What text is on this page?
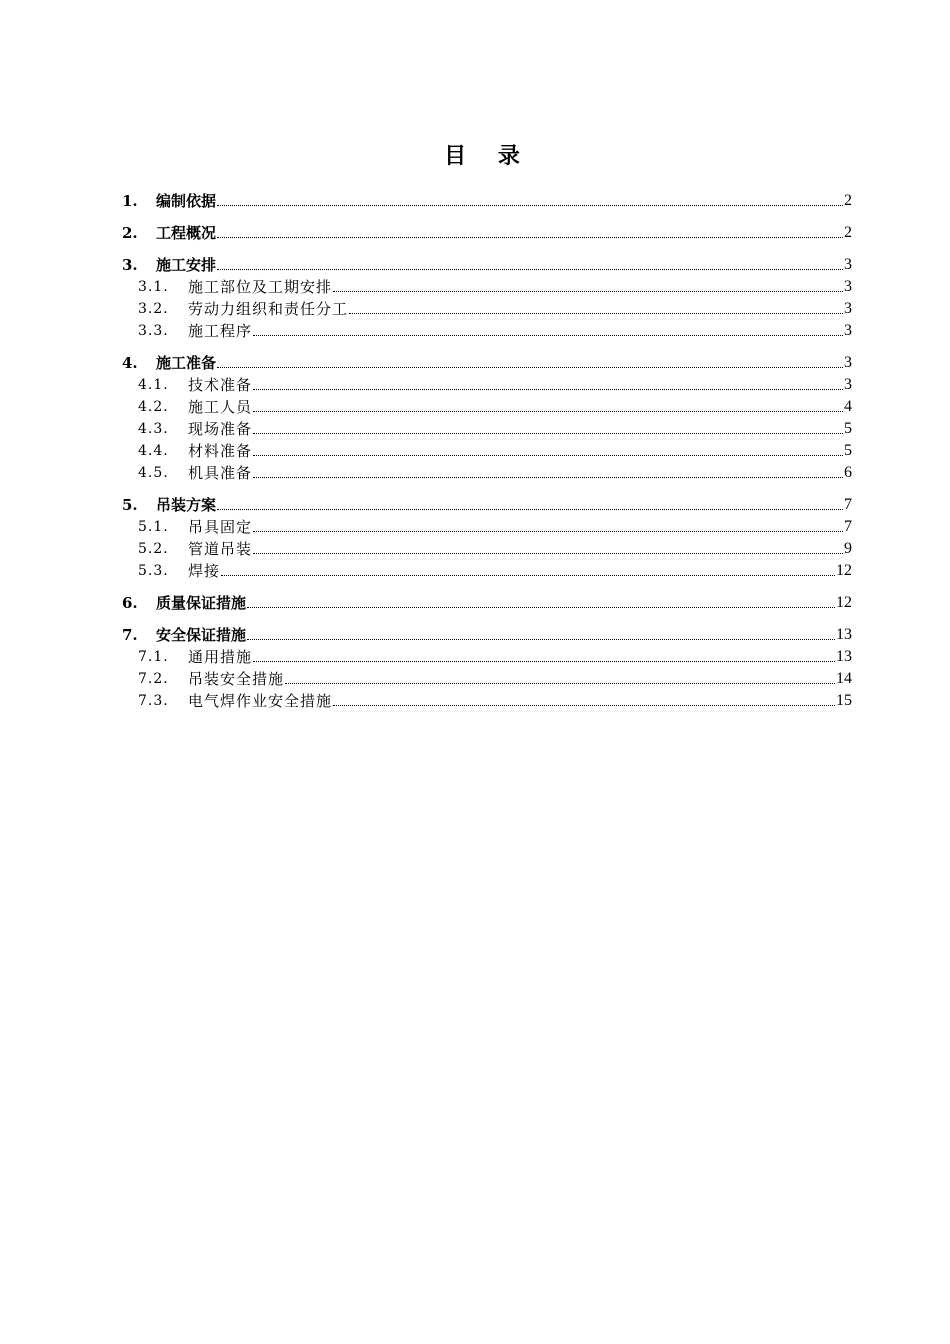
目 录
1.	编制依据	2
2.	工程概况	2
3.	施工安排	3
3.1.	施工部位及工期安排	3
3.2.	劳动力组织和责任分工	3
3.3.	施工程序	3
4.	施工准备	3
4.1.	技术准备	3
4.2.	施工人员	4
4.3.	现场准备	5
4.4.	材料准备	5
4.5.	机具准备	6
5.	吊装方案	7
5.1.	吊具固定	7
5.2.	管道吊装	9
5.3.	焊接	12
6.	质量保证措施	12
7.	安全保证措施	13
7.1.	通用措施	13
7.2.	吊装安全措施	14
7.3.	电气焊作业安全措施	15
